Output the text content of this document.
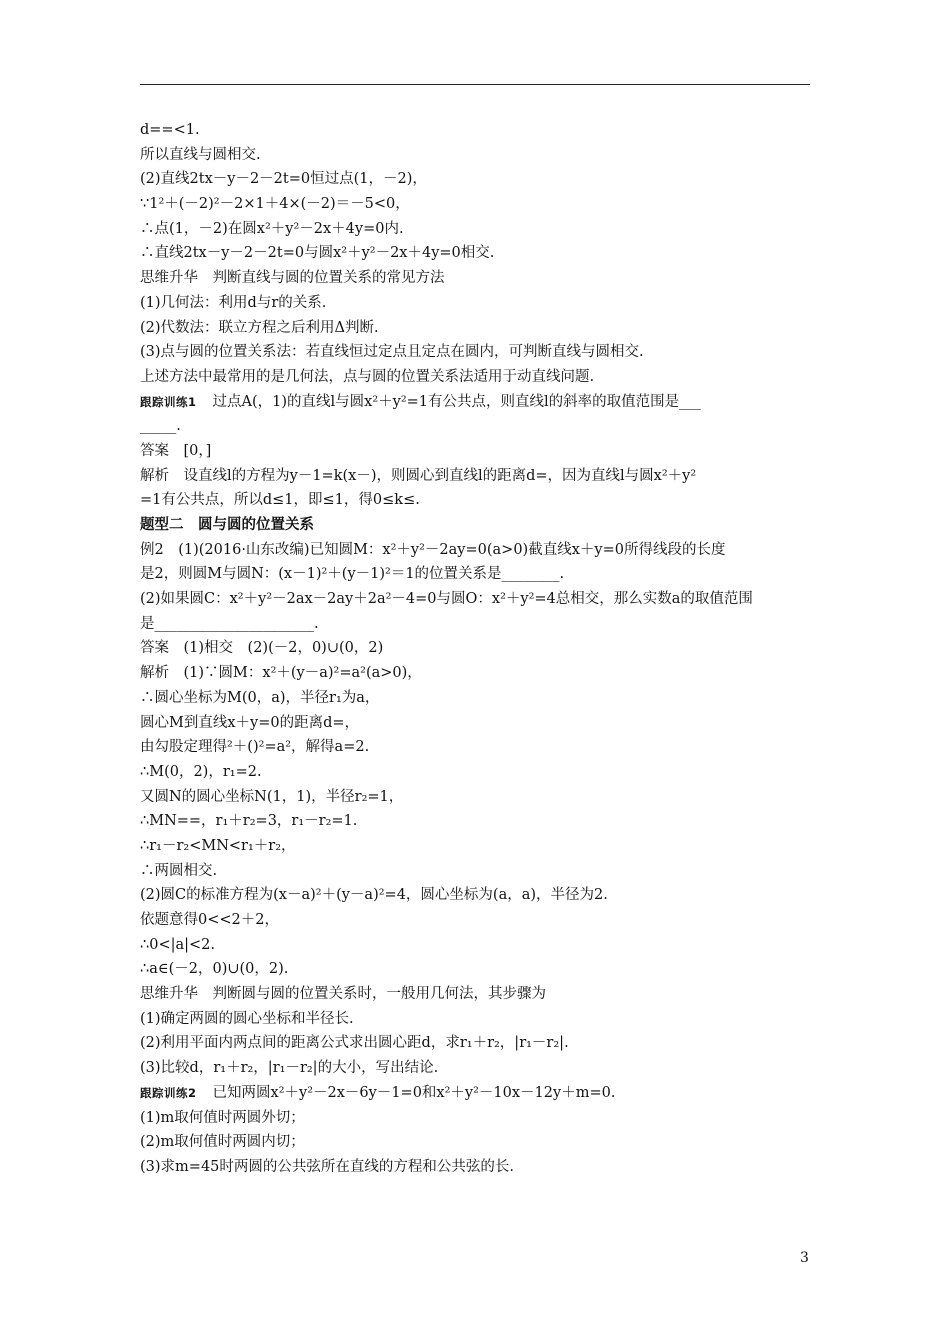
d==<1.
所以直线与圆相交.
(2)直线2tx－y－2－2t=0恒过点(1，－2)，
∵1²＋(－2)²－2×1＋4×(－2)＝－5<0，
∴点(1，－2)在圆x²＋y²－2x＋4y=0内.
∴直线2tx－y－2－2t=0与圆x²＋y²－2x＋4y=0相交.
思维升华　判断直线与圆的位置关系的常见方法
(1)几何法：利用d与r的关系.
(2)代数法：联立方程之后利用Δ判断.
(3)点与圆的位置关系法：若直线恒过定点且定点在圆内，可判断直线与圆相交.
上述方法中最常用的是几何法，点与圆的位置关系法适用于动直线问题.
跟踪训练1 过点A(，1)的直线l与圆x²＋y²=1有公共点，则直线l的斜率的取值范围是___
_____.
答案　[0，]
解析　设直线l的方程为y－1=k(x－)，则圆心到直线l的距离d=，因为直线l与圆x²＋y²
=1有公共点，所以d≤1，即≤1，得0≤k≤.
题型二　圆与圆的位置关系
例2　(1)(2016·山东改编)已知圆M：x²＋y²－2ay=0(a>0)截直线x＋y=0所得线段的长度
是2，则圆M与圆N：(x－1)²＋(y－1)²＝1的位置关系是________.
(2)如果圆C：x²＋y²－2ax－2ay＋2a²－4=0与圆O：x²＋y²=4总相交，那么实数a的取值范围
是______________________.
答案　(1)相交　(2)(－2，0)∪(0，2)
解析　(1)∵圆M：x²＋(y－a)²=a²(a>0)，
∴圆心坐标为M(0，a)，半径r₁为a，
圆心M到直线x＋y=0的距离d=，
由勾股定理得²＋()²=a²，解得a=2.
∴M(0，2)，r₁=2.
又圆N的圆心坐标N(1，1)，半径r₂=1，
∴MN==，r₁＋r₂=3，r₁－r₂=1.
∴r₁－r₂<MN<r₁＋r₂，
∴两圆相交.
(2)圆C的标准方程为(x－a)²＋(y－a)²=4，圆心坐标为(a，a)，半径为2.
依题意得0<<2＋2，
∴0<|a|<2.
∴a∈(－2，0)∪(0，2).
思维升华　判断圆与圆的位置关系时，一般用几何法，其步骤为
(1)确定两圆的圆心坐标和半径长.
(2)利用平面内两点间的距离公式求出圆心距d，求r₁＋r₂，|r₁－r₂|.
(3)比较d，r₁＋r₂，|r₁－r₂|的大小，写出结论.
跟踪训练2 已知两圆x²＋y²－2x－6y－1=0和x²＋y²－10x－12y＋m=0.
(1)m取何值时两圆外切；
(2)m取何值时两圆内切；
(3)求m=45时两圆的公共弦所在直线的方程和公共弦的长.
3
